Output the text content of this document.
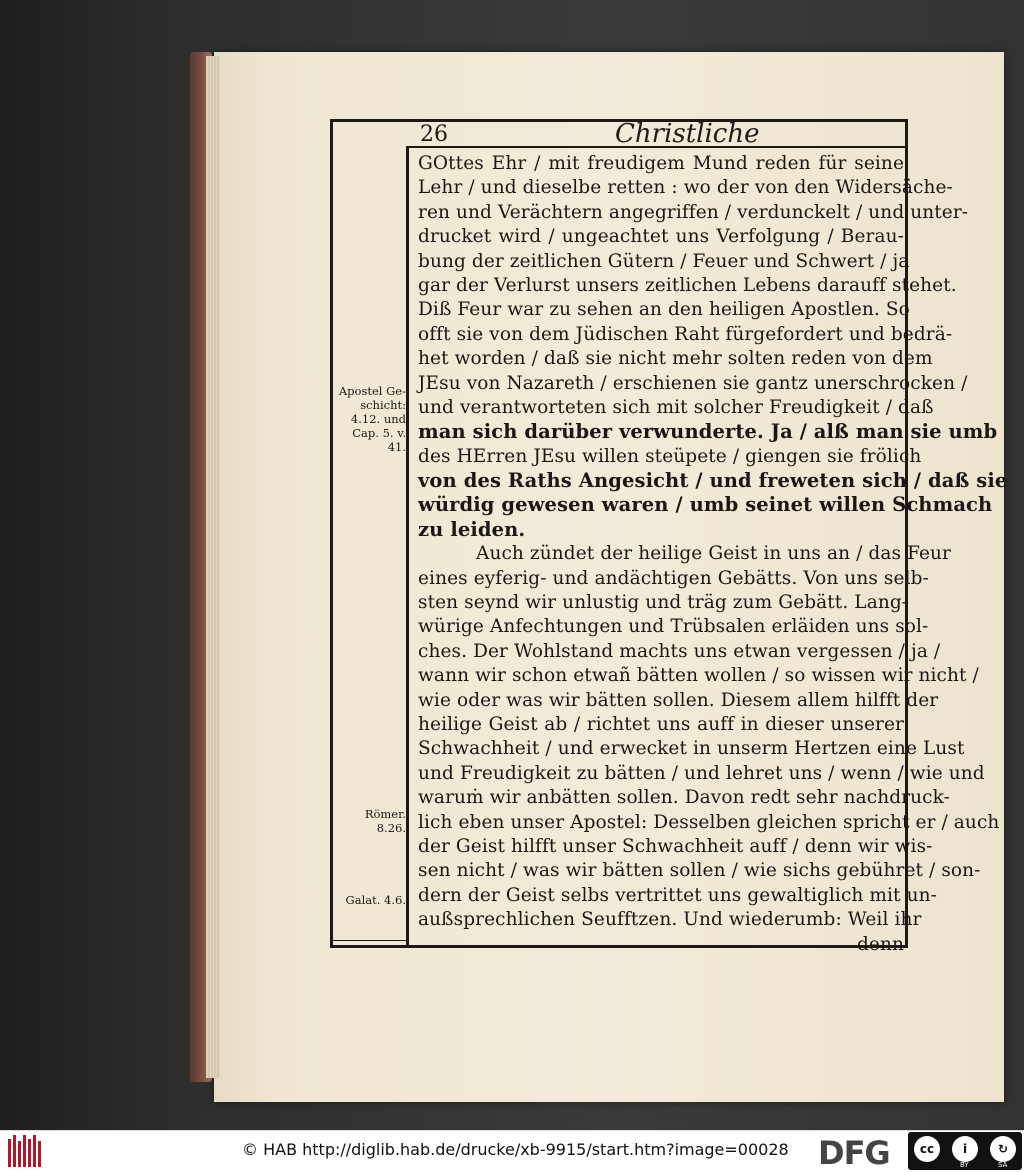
26	Christliche
GOttes Ehr / mit freudigem Mund reden für seine
Lehr / und dieselbe retten : wo der von den Widersäche-
ren und Verächtern angegriffen / verdunckelt / und unter-
drucket wird / ungeachtet uns Verfolgung / Berau-
bung der zeitlichen Gütern / Feuer und Schwert / ja
gar der Verlurst unsers zeitlichen Lebens darauff stehet.
Diß Feur war zu sehen an den heiligen Apostlen. So
offt sie von dem Jüdischen Raht fürgefordert und bedrä-
het worden / daß sie nicht mehr solten reden von dem
JEsu von Nazareth / erschienen sie gantz unerschrocken /
und verantworteten sich mit solcher Freudigkeit / daß
man sich darüber verwunderte. Ja / alß man sie umb
des HErren JEsu willen steüpete / giengen sie frölich
von des Raths Angesicht / und freweten sich / daß sie
würdig gewesen waren / umb seinet willen Schmach
zu leiden.
Auch zündet der heilige Geist in uns an / das Feur
eines eyferig- und andächtigen Gebätts. Von uns selb-
sten seynd wir unlustig und träg zum Gebätt. Lang-
würige Anfechtungen und Trübsalen erläiden uns sol-
ches. Der Wohlstand machts uns etwan vergessen / ja /
wann wir schon etwañ bätten wollen / so wissen wir nicht /
wie oder was wir bätten sollen. Diesem allem hilfft der
heilige Geist ab / richtet uns auff in dieser unserer
Schwachheit / und erwecket in unserm Hertzen eine Lust
und Freudigkeit zu bätten / und lehret uns / wenn / wie und
waruṁ wir anbätten sollen. Davon redt sehr nachdruck-
lich eben unser Apostel: Desselben gleichen spricht er / auch
der Geist hilfft unser Schwachheit auff / denn wir wis-
sen nicht / was wir bätten sollen / wie sichs gebühret / son-
dern der Geist selbs vertrittet uns gewaltiglich mit un-
außsprechlichen Seufftzen. Und wiederumb: Weil ihr
denn
Apostel Ge- schicht: 4.12. und Cap. 5. v. 41.
Römer. 8.26.
Galat. 4.6.
© HAB http://diglib.hab.de/drucke/xb-9915/start.htm?image=00028 DFG	cc	i	↻
BY	SA
